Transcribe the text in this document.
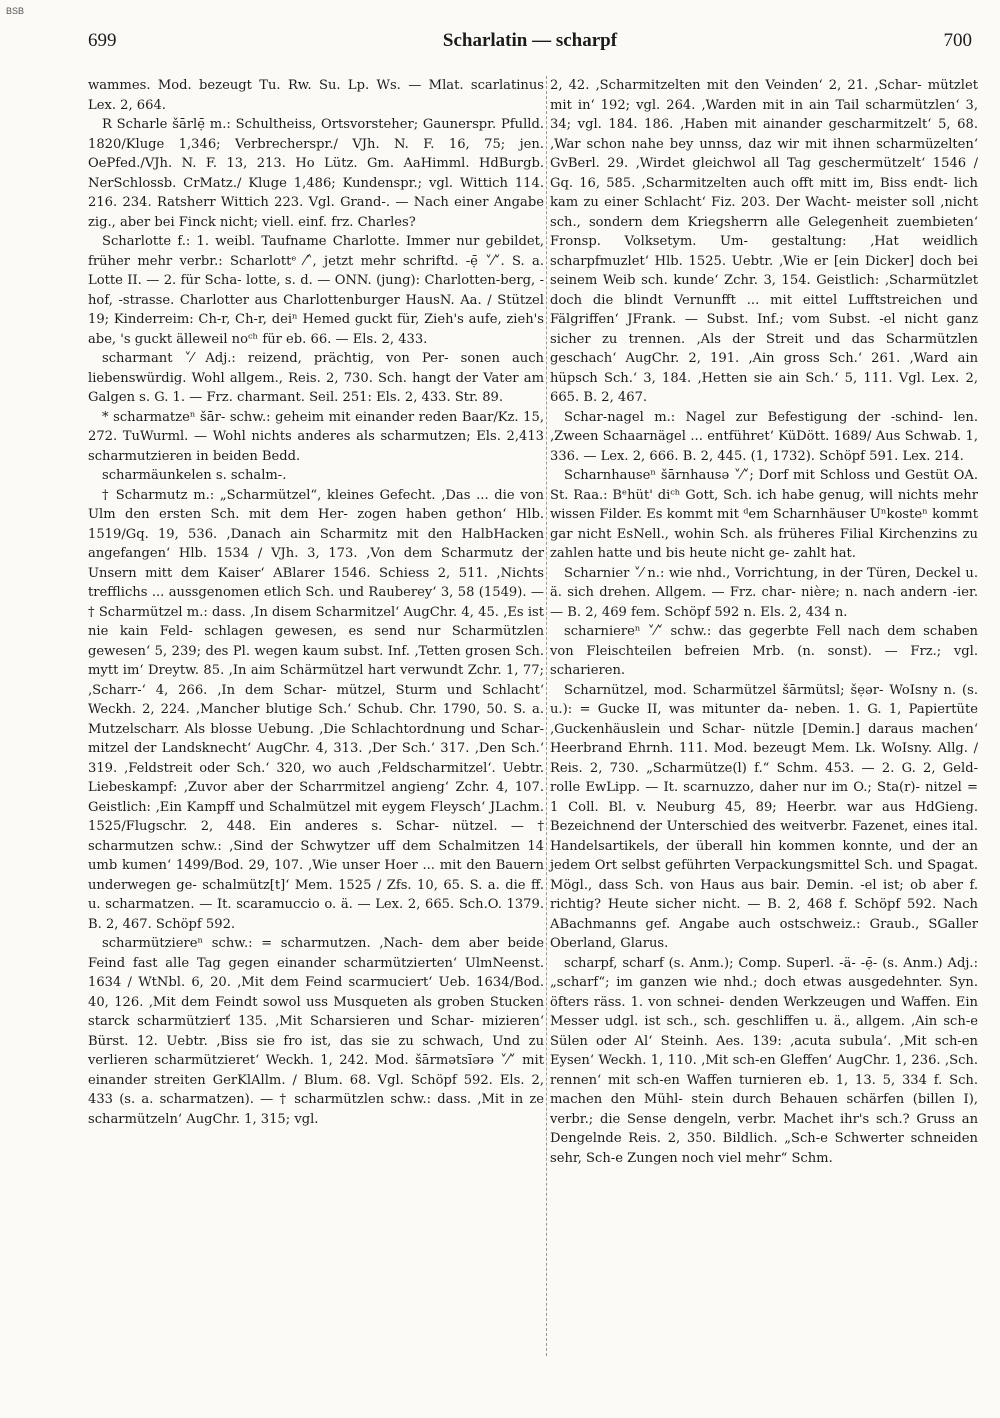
BSB
699	Scharlatin — scharpf	700

wammes. Mod. bezeugt Tu. Rw. Su. Lp. Ws. — Mlat. scarlatinus Lex. 2, 664.

R Scharle šārlẹ̄ m.: Schultheiss, Ortsvorsteher; Gaunerspr. Pfulld. 1820/Kluge 1,346; Verbrecherspr./ VJh. N. F. 16, 75; jen. OePfed./VJh. N. F. 13, 213. Ho Lütz. Gm. AaHimml. HdBurgb. NerSchlossb. CrMatz./ Kluge 1,486; Kundenspr.; vgl. Wittich 114. 216. 234. Ratsherr Wittich 223. Vgl. Grand-. — Nach einer Angabe zig., aber bei Finck nicht; viell. einf. frz. Charles?

Scharlotte f.: 1. weibl. Taufname Charlotte. Immer nur gebildet, früher mehr verbr.: Scharlottᵉ ⁄˄, jetzt mehr schriftd. -ẹ̄ ˅⁄˅. S. a. Lotte II. — 2. für Scha- lotte, s. d. — ONN. (jung): Charlotten-berg, -hof, -strasse. Charlotter aus Charlottenburger HausN. Aa. / Stützel 19; Kinderreim: Ch-r, Ch-r, deiⁿ Hemed guckt für, Zieh's aufe, zieh's abe, 's guckt älleweil noᶜʰ für eb. 66. — Els. 2, 433.

scharmant ˅⁄ Adj.: reizend, prächtig, von Per- sonen auch liebenswürdig. Wohl allgem., Reis. 2, 730. Sch. hangt der Vater am Galgen s. G. 1. — Frz. charmant. Seil. 251: Els. 2, 433. Str. 89.

* scharmatzeⁿ šār- schw.: geheim mit einander reden Baar/Kz. 15, 272. TuWurml. — Wohl nichts anderes als scharmutzen; Els. 2,413 scharmutzieren in beiden Bedd.

scharmäunkelen s. schalm-.

† Scharmutz m.: „Scharmützel“, kleines Gefecht. ‚Das ... die von Ulm den ersten Sch. mit dem Her- zogen haben gethon‘ Hlb. 1519/Gq. 19, 536. ‚Danach ain Scharmitz mit den HalbHacken angefangen‘ Hlb. 1534 / VJh. 3, 173. ‚Von dem Scharmutz der Unsern mitt dem Kaiser‘ ABlarer 1546. Schiess 2, 511. ‚Nichts trefflichs ... aussgenomen etlich Sch. und Rauberey‘ 3, 58 (1549). — † Scharmützel m.: dass. ‚In disem Scharmitzel‘ AugChr. 4, 45. ‚Es ist nie kain Feld- schlagen gewesen, es send nur Scharmützlen gewesen‘ 5, 239; des Pl. wegen kaum subst. Inf. ‚Tetten grosen Sch. mytt im‘ Dreytw. 85. ‚In aim Schärmützel hart verwundt Zchr. 1, 77; ‚Scharr-‘ 4, 266. ‚In dem Schar- mützel, Sturm und Schlacht‘ Weckh. 2, 224. ‚Mancher blutige Sch.‘ Schub. Chr. 1790, 50. S. a. Mutzelscharr. Als blosse Uebung. ‚Die Schlachtordnung und Schar- mitzel der Landsknecht‘ AugChr. 4, 313. ‚Der Sch.‘ 317. ‚Den Sch.‘ 319. ‚Feldstreit oder Sch.‘ 320, wo auch ‚Feldscharmitzel‘. Uebtr. Liebeskampf: ‚Zuvor aber der Scharrmitzel angieng‘ Zchr. 4, 107. Geistlich: ‚Ein Kampff und Schalmützel mit eygem Fleysch‘ JLachm. 1525/Flugschr. 2, 448. Ein anderes s. Schar- nützel. — † scharmutzen schw.: ‚Sind der Schwytzer uff dem Schalmitzen 14 umb kumen‘ 1499/Bod. 29, 107. ‚Wie unser Hoer ... mit den Bauern underwegen ge- schalmütz[t]‘ Mem. 1525 / Zfs. 10, 65. S. a. die ff. u. scharmatzen. — It. scaramuccio o. ä. — Lex. 2, 665. Sch.O. 1379. B. 2, 467. Schöpf 592.

scharmütziereⁿ schw.: = scharmutzen. ‚Nach- dem aber beide Feind fast alle Tag gegen einander scharmützierten‘ UlmNeenst. 1634 / WtNbl. 6, 20. ‚Mit dem Feind scarmuciert‘ Ueb. 1634/Bod. 40, 126. ‚Mit dem Feindt sowol uss Musqueten als groben Stucken starck scharmützierť 135. ‚Mit Scharsieren und Schar- mizieren‘ Bürst. 12. Uebtr. ‚Biss sie fro ist, das sie zu schwach, Und zu verlieren scharmützieret‘ Weckh. 1, 242. Mod. šārmətsīərə ˅⁄˅ mit einander streiten GerKlAllm. / Blum. 68. Vgl. Schöpf 592. Els. 2, 433 (s. a. scharmatzen). — † scharmützlen schw.: dass. ‚Mit in ze scharmützeln‘ AugChr. 1, 315; vgl.

2, 42. ‚Scharmitzelten mit den Veinden‘ 2, 21. ‚Schar- mützlet mit in‘ 192; vgl. 264. ‚Warden mit in ain Tail scharmützlen‘ 3, 34; vgl. 184. 186. ‚Haben mit ainander gescharmitzelt‘ 5, 68. ‚War schon nahe bey unnss, daz wir mit ihnen scharmüzelten‘ GvBerl. 29. ‚Wirdet gleichwol all Tag geschermützelt‘ 1546 / Gq. 16, 585. ‚Scharmitzelten auch offt mitt im, Biss endt- lich kam zu einer Schlacht‘ Fiz. 203. Der Wacht- meister soll ‚nicht sch., sondern dem Kriegsherrn alle Gelegenheit zuembieten‘ Fronsp. Volksetym. Um- gestaltung: ‚Hat weidlich scharpfmuzlet‘ Hlb. 1525. Uebtr. ‚Wie er [ein Dicker] doch bei seinem Weib sch. kunde‘ Zchr. 3, 154. Geistlich: ‚Scharmützlet doch die blindt Vernunfft ... mit eittel Lufftstreichen und Fälgriffen‘ JFrank. — Subst. Inf.; vom Subst. -el nicht ganz sicher zu trennen. ‚Als der Streit und das Scharmützlen geschach‘ AugChr. 2, 191. ‚Ain gross Sch.‘ 261. ‚Ward ain hüpsch Sch.‘ 3, 184. ‚Hetten sie ain Sch.‘ 5, 111. Vgl. Lex. 2, 665. B. 2, 467.

Schar-nagel m.: Nagel zur Befestigung der -schind- len. ‚Zween Schaarnägel ... entführet‘ KüDött. 1689/ Aus Schwab. 1, 336. — Lex. 2, 666. B. 2, 445. (1, 1732). Schöpf 591. Lex. 214.

Scharnhauseⁿ šārnhausə ˅⁄˅; Dorf mit Schloss und Gestüt OA. St. Raa.: Bᵉhüt' diᶜʰ Gott, Sch. ich habe genug, will nichts mehr wissen Filder. Es kommt mit ᵈem Scharnhäuser Uⁿkosteⁿ kommt gar nicht EsNell., wohin Sch. als früheres Filial Kirchenzins zu zahlen hatte und bis heute nicht ge- zahlt hat.

Scharnier ˅⁄ n.: wie nhd., Vorrichtung, in der Türen, Deckel u. ä. sich drehen. Allgem. — Frz. char- nière; n. nach andern -ier. — B. 2, 469 fem. Schöpf 592 n. Els. 2, 434 n.

scharniereⁿ ˅⁄˅ schw.: das gegerbte Fell nach dem schaben von Fleischteilen befreien Mrb. (n. sonst). — Frz.; vgl. scharieren.

Scharnützel, mod. Scharmützel šārmütsl; šẹər- WoIsny n. (s. u.): = Gucke II, was mitunter da- neben. 1. G. 1, Papiertüte ‚Guckenhäuslein und Schar- nützle [Demin.] daraus machen‘ Heerbrand Ehrnh. 111. Mod. bezeugt Mem. Lk. WoIsny. Allg. / Reis. 2, 730. „Scharmütze(l) f.“ Schm. 453. — 2. G. 2, Geld- rolle EwLipp. — It. scarnuzzo, daher nur im O.; Sta(r)- nitzel = 1 Coll. Bl. v. Neuburg 45, 89; Heerbr. war aus HdGieng. Bezeichnend der Unterschied des weitverbr. Fazenet, eines ital. Handelsartikels, der überall hin kommen konnte, und der an jedem Ort selbst geführten Verpackungsmittel Sch. und Spagat. Mögl., dass Sch. von Haus aus bair. Demin. -el ist; ob aber f. richtig? Heute sicher nicht. — B. 2, 468 f. Schöpf 592. Nach ABachmanns gef. Angabe auch ostschweiz.: Graub., SGaller Oberland, Glarus.

scharpf, scharf (s. Anm.); Comp. Superl. -ä- -ẹ̄- (s. Anm.) Adj.: „scharf“; im ganzen wie nhd.; doch etwas ausgedehnter. Syn. öfters räss. 1. von schnei- denden Werkzeugen und Waffen. Ein Messer udgl. ist sch., sch. geschliffen u. ä., allgem. ‚Ain sch-e Sülen oder Al‘ Steinh. Aes. 139: ‚acuta subula‘. ‚Mit sch-en Eysen‘ Weckh. 1, 110. ‚Mit sch-en Gleffen‘ AugChr. 1, 236. ‚Sch. rennen‘ mit sch-en Waffen turnieren eb. 1, 13. 5, 334 f. Sch. machen den Mühl- stein durch Behauen schärfen (billen I), verbr.; die Sense dengeln, verbr. Machet ihr's sch.? Gruss an Dengelnde Reis. 2, 350. Bildlich. „Sch-e Schwerter schneiden sehr, Sch-e Zungen noch viel mehr“ Schm.
